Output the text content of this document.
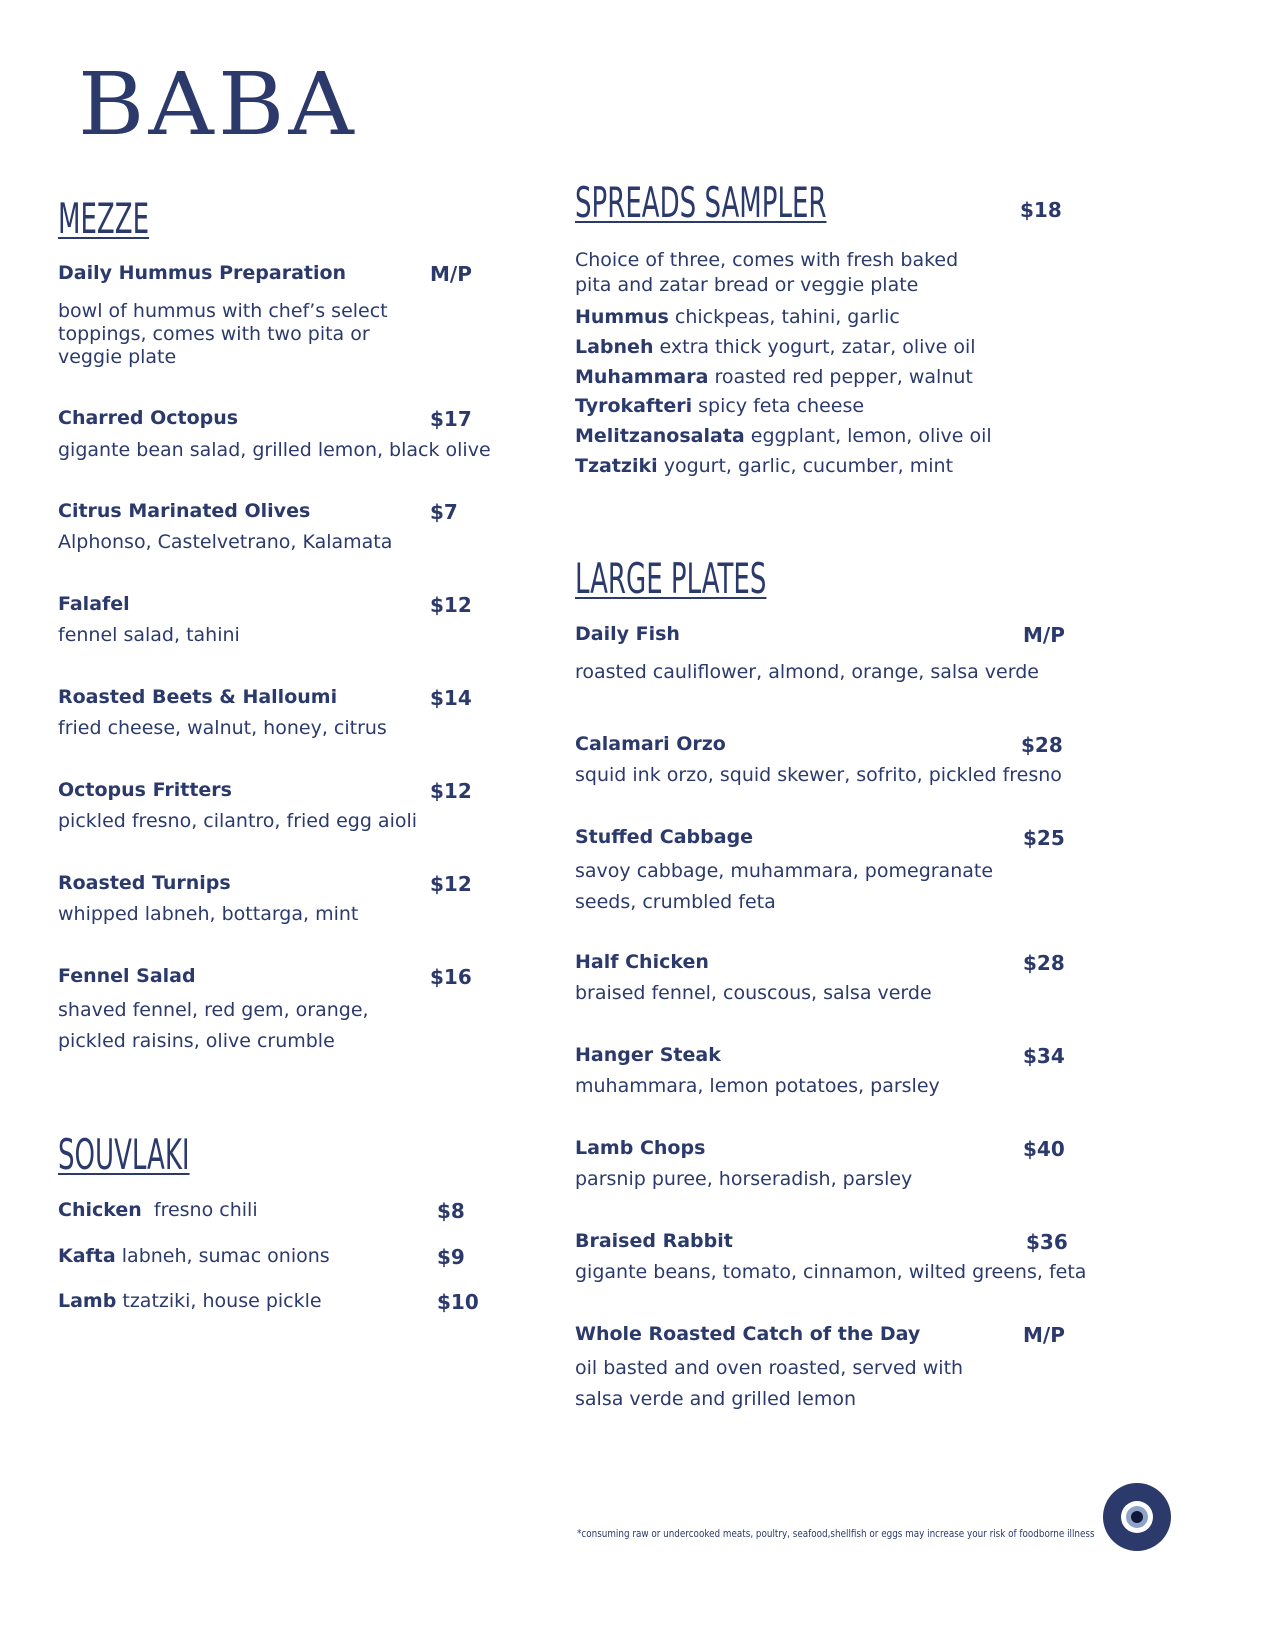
BABA
MEZZE
Daily Hummus Preparation	M/P
bowl of hummus with chef’s select toppings, comes with two pita or veggie plate
Charred Octopus	$17
gigante bean salad, grilled lemon, black olive
Citrus Marinated Olives	$7
Alphonso, Castelvetrano, Kalamata
Falafel	$12
fennel salad, tahini
Roasted Beets & Halloumi	$14
fried cheese, walnut, honey, citrus
Octopus Fritters	$12
pickled fresno, cilantro, fried egg aioli
Roasted Turnips	$12
whipped labneh, bottarga, mint
Fennel Salad	$16
shaved fennel, red gem, orange, pickled raisins, olive crumble
SOUVLAKI
Chicken fresno chili	$8
Kafta labneh, sumac onions	$9
Lamb tzatziki, house pickle	$10
SPREADS SAMPLER	$18
Choice of three, comes with fresh baked pita and zatar bread or veggie plate
Hummus chickpeas, tahini, garlic
Labneh extra thick yogurt, zatar, olive oil
Muhammara roasted red pepper, walnut
Tyrokafteri spicy feta cheese
Melitzanosalata eggplant, lemon, olive oil
Tzatziki yogurt, garlic, cucumber, mint
LARGE PLATES
Daily Fish	M/P
roasted cauliflower, almond, orange, salsa verde
Calamari Orzo	$28
squid ink orzo, squid skewer, sofrito, pickled fresno
Stuffed Cabbage	$25
savoy cabbage, muhammara, pomegranate seeds, crumbled feta
Half Chicken	$28
braised fennel, couscous, salsa verde
Hanger Steak	$34
muhammara, lemon potatoes, parsley
Lamb Chops	$40
parsnip puree, horseradish, parsley
Braised Rabbit	$36
gigante beans, tomato, cinnamon, wilted greens, feta
Whole Roasted Catch of the Day	M/P
oil basted and oven roasted, served with salsa verde and grilled lemon
*consuming raw or undercooked meats, poultry, seafood,shellfish or eggs may increase your risk of foodborne illness
